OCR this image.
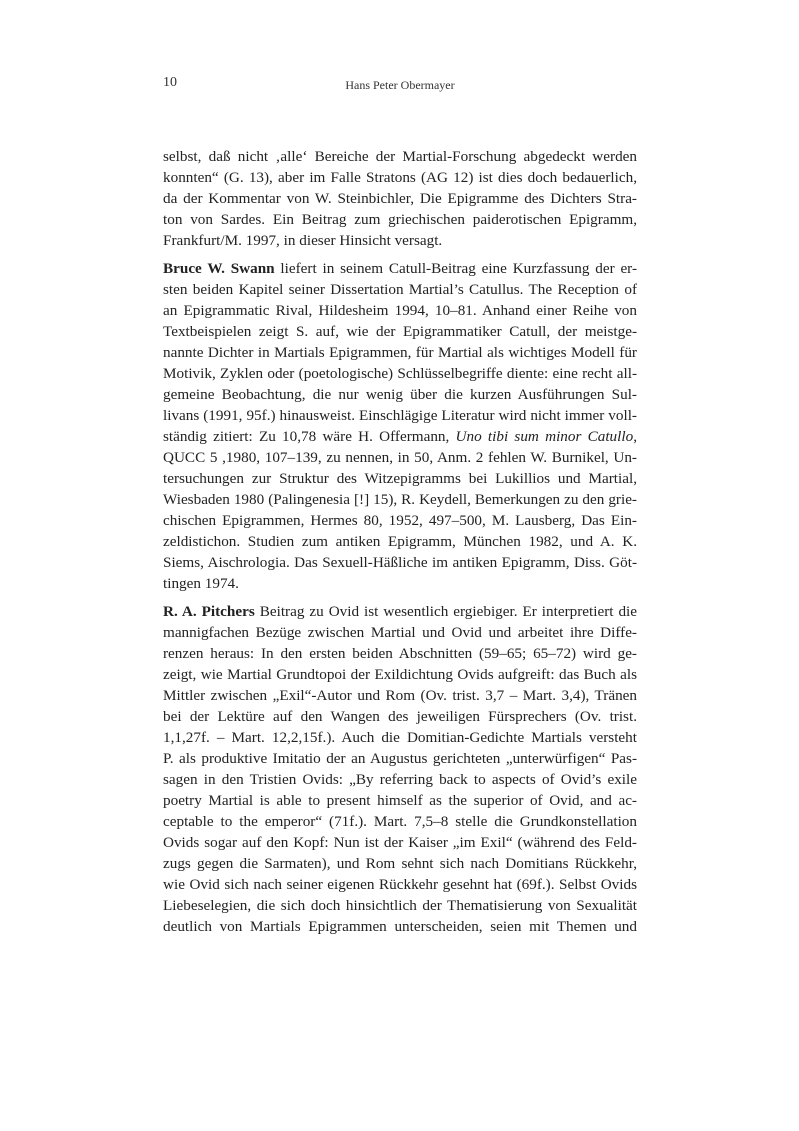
10	Hans Peter Obermayer
selbst, daß nicht ‚alle‘ Bereiche der Martial-Forschung abgedeckt werden
konnten“ (G. 13), aber im Falle Stratons (AG 12) ist dies doch bedauerlich,
da der Kommentar von W. Steinbichler, Die Epigramme des Dichters Stra-
ton von Sardes. Ein Beitrag zum griechischen paiderotischen Epigramm,
Frankfurt/M. 1997, in dieser Hinsicht versagt.
Bruce W. Swann liefert in seinem Catull-Beitrag eine Kurzfassung der er-
sten beiden Kapitel seiner Dissertation Martial’s Catullus. The Reception of
an Epigrammatic Rival, Hildesheim 1994, 10–81. Anhand einer Reihe von
Textbeispielen zeigt S. auf, wie der Epigrammatiker Catull, der meistge-
nannte Dichter in Martials Epigrammen, für Martial als wichtiges Modell für
Motivik, Zyklen oder (poetologische) Schlüsselbegriffe diente: eine recht all-
gemeine Beobachtung, die nur wenig über die kurzen Ausführungen Sul-
livans (1991, 95f.) hinausweist. Einschlägige Literatur wird nicht immer voll-
ständig zitiert: Zu 10,78 wäre H. Offermann, Uno tibi sum minor Catullo,
QUCC 5 ,1980, 107–139, zu nennen, in 50, Anm. 2 fehlen W. Burnikel, Un-
tersuchungen zur Struktur des Witzepigramms bei Lukillios und Martial,
Wiesbaden 1980 (Palingenesia [!] 15), R. Keydell, Bemerkungen zu den grie-
chischen Epigrammen, Hermes 80, 1952, 497–500, M. Lausberg, Das Ein-
zeldistichon. Studien zum antiken Epigramm, München 1982, und A. K.
Siems, Aischrologia. Das Sexuell-Häßliche im antiken Epigramm, Diss. Göt-
tingen 1974.
R. A. Pitchers Beitrag zu Ovid ist wesentlich ergiebiger. Er interpretiert die
mannigfachen Bezüge zwischen Martial und Ovid und arbeitet ihre Diffe-
renzen heraus: In den ersten beiden Abschnitten (59–65; 65–72) wird ge-
zeigt, wie Martial Grundtopoi der Exildichtung Ovids aufgreift: das Buch als
Mittler zwischen „Exil“-Autor und Rom (Ov. trist. 3,7 – Mart. 3,4), Tränen
bei der Lektüre auf den Wangen des jeweiligen Fürsprechers (Ov. trist.
1,1,27f. – Mart. 12,2,15f.). Auch die Domitian-Gedichte Martials versteht
P. als produktive Imitatio der an Augustus gerichteten „unterwürfigen“ Pas-
sagen in den Tristien Ovids: „By referring back to aspects of Ovid’s exile
poetry Martial is able to present himself as the superior of Ovid, and ac-
ceptable to the emperor“ (71f.). Mart. 7,5–8 stelle die Grundkonstellation
Ovids sogar auf den Kopf: Nun ist der Kaiser „im Exil“ (während des Feld-
zugs gegen die Sarmaten), und Rom sehnt sich nach Domitians Rückkehr,
wie Ovid sich nach seiner eigenen Rückkehr gesehnt hat (69f.). Selbst Ovids
Liebeselegien, die sich doch hinsichtlich der Thematisierung von Sexualität
deutlich von Martials Epigrammen unterscheiden, seien mit Themen und
